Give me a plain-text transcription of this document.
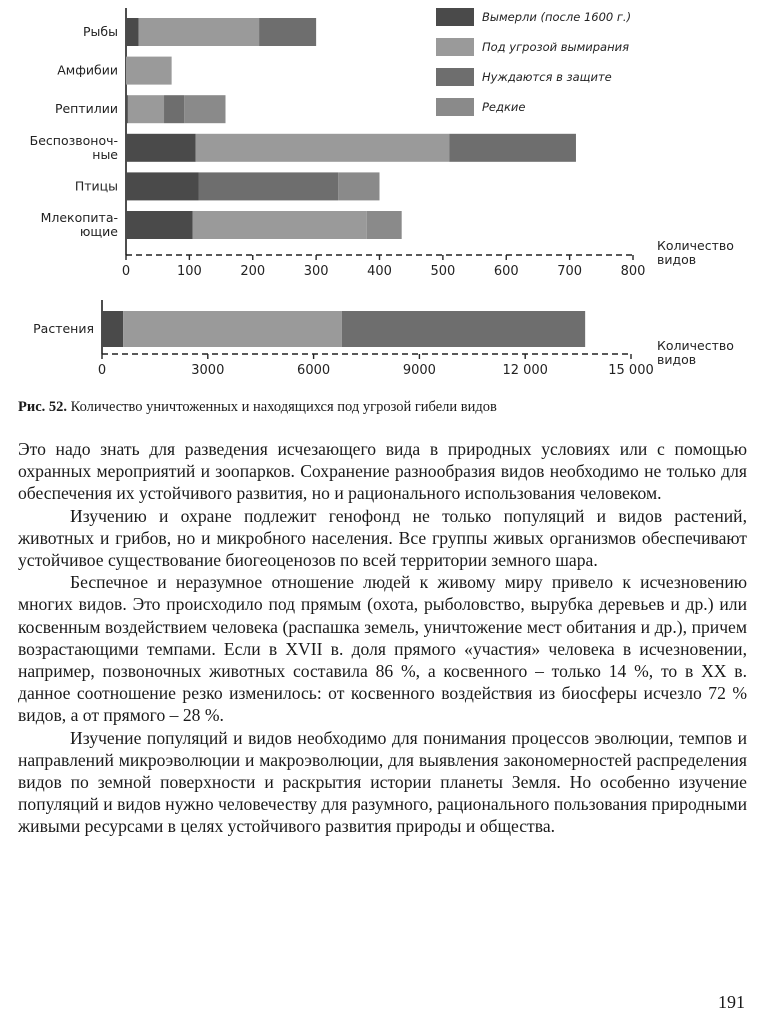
Рыбы
Амфибии
Рептилии
Беспозвоноч-
ные
Птицы
Млекопита-
ющие
0	100	200	300	400	500	600	700	800
Количество
видов
Вымерли (после 1600 г.)
Под угрозой вымирания
Нуждаются в защите
Редкие
Растения
0	3000	6000	9000	12 000	15 000
Количество
видов
Рис. 52. Количество уничтоженных и находящихся под угрозой гибели видов

Это надо знать для разведения исчезающего вида в природных условиях или с помощью охранных мероприятий и зоопарков. Сохранение разнообразия видов необходимо не только для обеспечения их устойчивого развития, но и рационального использования человеком.

Изучению и охране подлежит генофонд не только популяций и видов растений, животных и грибов, но и микробного населения. Все группы живых организмов обеспечивают устойчивое существование биогеоценозов по всей территории земного шара.

Беспечное и неразумное отношение людей к живому миру привело к исчезновению многих видов. Это происходило под прямым (охота, рыболовство, вырубка деревьев и др.) или косвенным воздействием человека (распашка земель, уничтожение мест обитания и др.), причем возрастающими темпами. Если в XVII в. доля прямого «участия» человека в исчезновении, например, позвоночных животных составила 86 %, а косвенного – только 14 %, то в XX в. данное соотношение резко изменилось: от косвенного воздействия из биосферы исчезло 72 % видов, а от прямого – 28 %.

Изучение популяций и видов необходимо для понимания процессов эволюции, темпов и направлений микроэволюции и макроэволюции, для выявления закономерностей распределения видов по земной поверхности и раскрытия истории планеты Земля. Но особенно изучение популяций и видов нужно человечеству для разумного, рационального пользования природными живыми ресурсами в целях устойчивого развития природы и общества.

191
